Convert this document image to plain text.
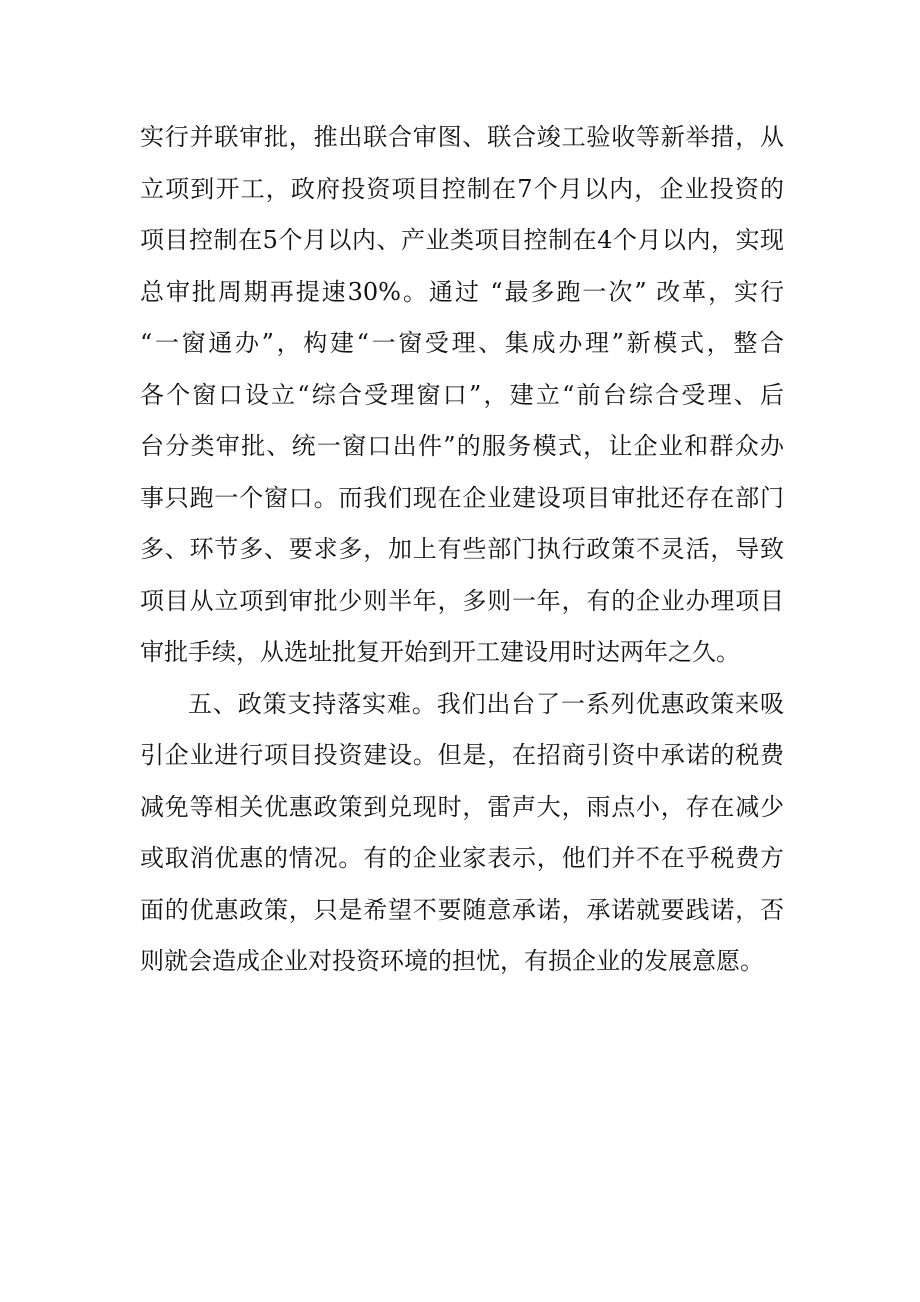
实行并联审批，推出联合审图、联合竣工验收等新举措，从
立项到开工，政府投资项目控制在7个月以内，企业投资的
项目控制在5个月以内、产业类项目控制在4个月以内，实现
总审批周期再提速30%。通过 “最多跑一次” 改革，实行
“一窗通办”，构建“一窗受理、集成办理”新模式，整合
各个窗口设立“综合受理窗口”，建立“前台综合受理、后
台分类审批、统一窗口出件”的服务模式，让企业和群众办
事只跑一个窗口。而我们现在企业建设项目审批还存在部门
多、环节多、要求多，加上有些部门执行政策不灵活，导致
项目从立项到审批少则半年，多则一年，有的企业办理项目
审批手续，从选址批复开始到开工建设用时达两年之久。
五、政策支持落实难。我们出台了一系列优惠政策来吸
引企业进行项目投资建设。但是，在招商引资中承诺的税费
减免等相关优惠政策到兑现时，雷声大，雨点小，存在减少
或取消优惠的情况。有的企业家表示，他们并不在乎税费方
面的优惠政策，只是希望不要随意承诺，承诺就要践诺，否
则就会造成企业对投资环境的担忧，有损企业的发展意愿。
